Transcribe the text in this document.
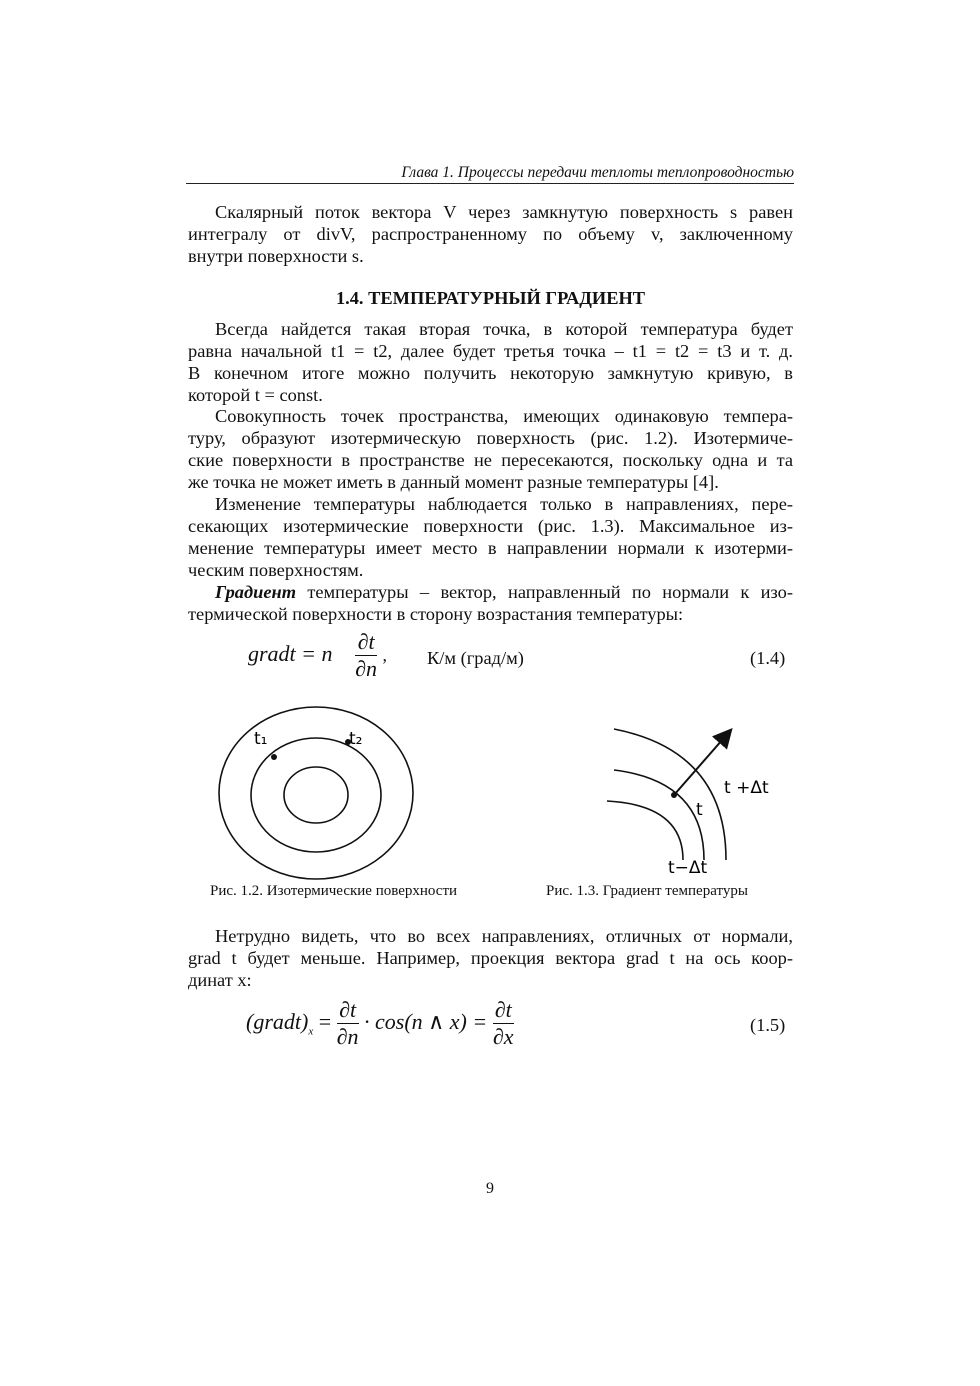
Глава 1. Процессы передачи теплоты теплопроводностью
Скалярный поток вектора V через замкнутую поверхность s равен
интегралу от divV, распространенному по объему v, заключенному
внутри поверхности s.
1.4. ТЕМПЕРАТУРНЫЙ ГРАДИЕНТ
Всегда найдется такая вторая точка, в которой температура будет
равна начальной t1 = t2, далее будет третья точка – t1 = t2 = t3 и т. д.
В конечном итоге можно получить некоторую замкнутую кривую, в
которой t = const.
Совокупность точек пространства, имеющих одинаковую темпера-
туру, образуют изотермическую поверхность (рис. 1.2). Изотермиче-
ские поверхности в пространстве не пересекаются, поскольку одна и та
же точка не может иметь в данный момент разные температуры [4].
Изменение температуры наблюдается только в направлениях, пере-
секающих изотермические поверхности (рис. 1.3). Максимальное из-
менение температуры имеет место в направлении нормали к изотерми-
ческим поверхностям.
Градиент температуры – вектор, направленный по нормали к изо-
термической поверхности в сторону возрастания температуры:
gradt = n⃗ $\frac{\partial t}{\partial n}$ , К/м (град/м)	(1.4)
t₁	t₂
t +Δt
t
t−Δt
Рис. 1.2. Изотермические поверхности	Рис. 1.3. Градиент температуры
Нетрудно видеть, что во всех направлениях, отличных от нормали,
grad t будет меньше. Например, проекция вектора grad t на ось коор-
динат x:
$(gradt)_x = \frac{\partial t}{\partial n} \cdot \cos(n$ ∧ $x) = \frac{\partial t}{\partial x}$	(1.5)
9
